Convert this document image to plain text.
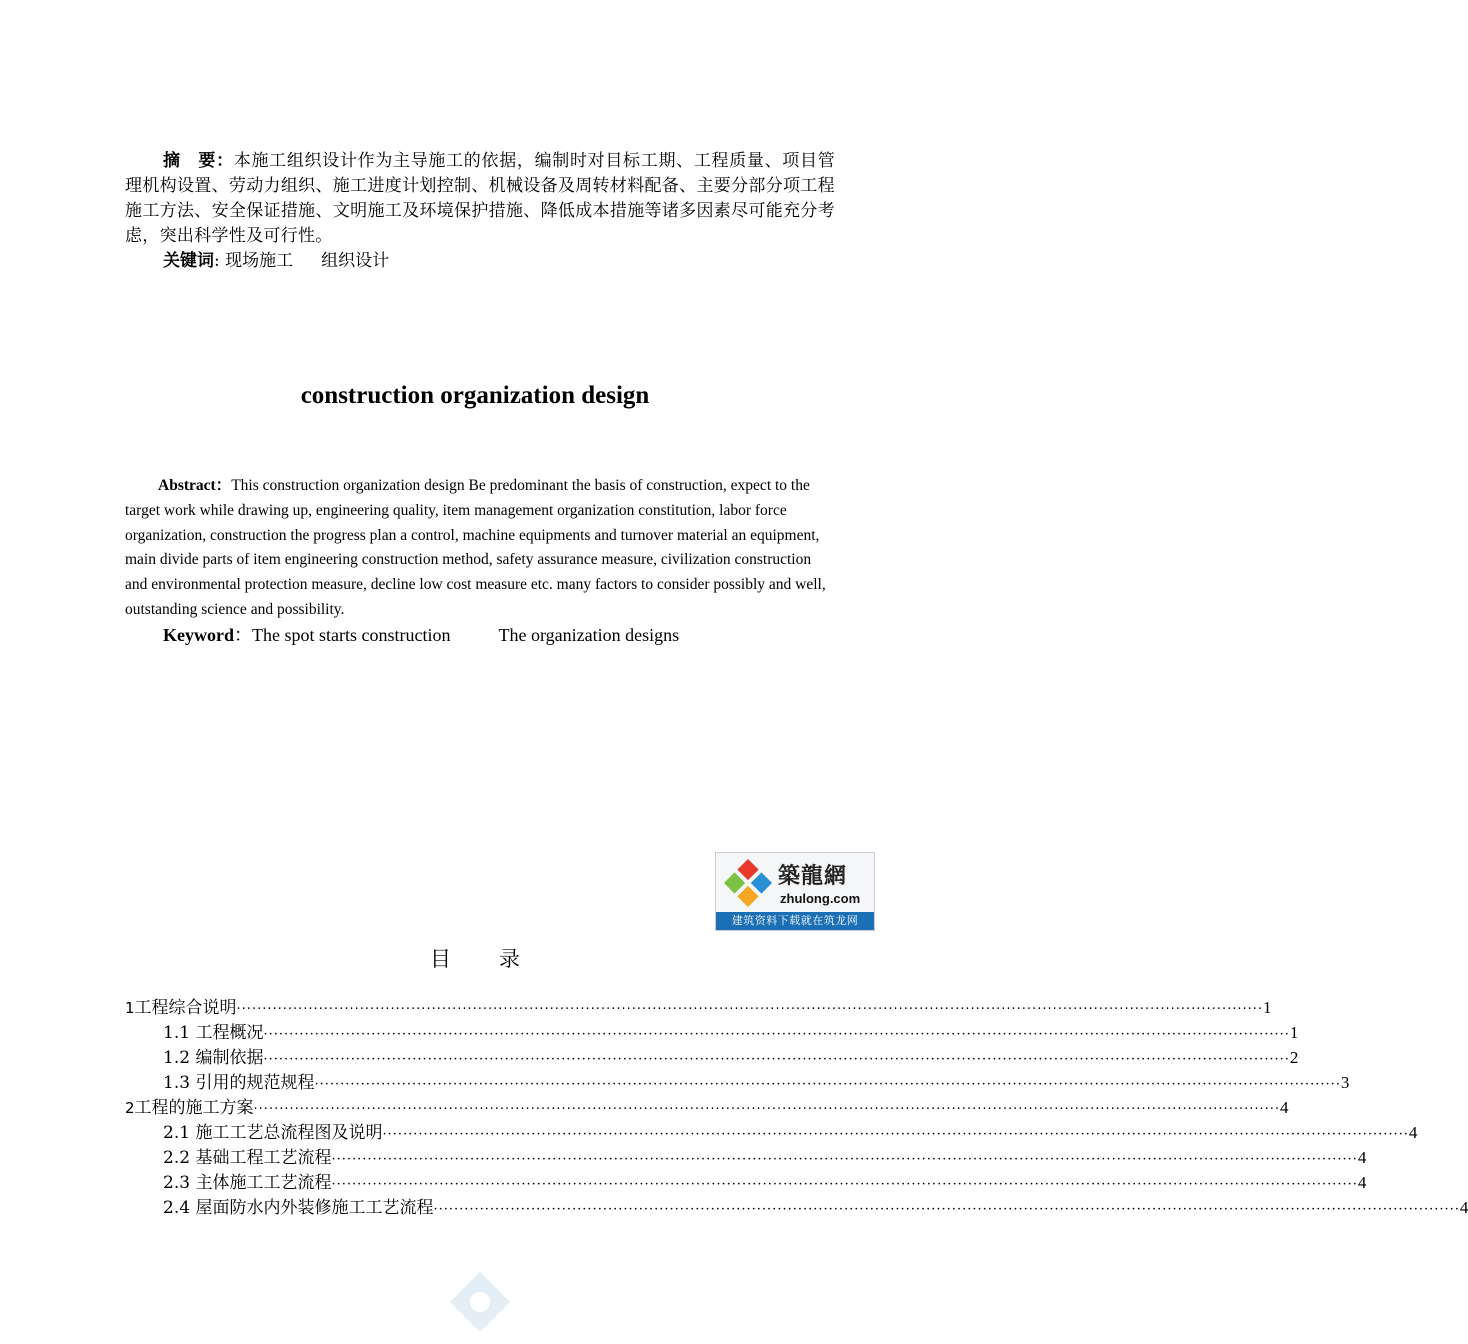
摘　要：本施工组织设计作为主导施工的依据，编制时对目标工期、工程质量、项目管理机构设置、劳动力组织、施工进度计划控制、机械设备及周转材料配备、主要分部分项工程施工方法、安全保证措施、文明施工及环境保护措施、降低成本措施等诸多因素尽可能充分考虑，突出科学性及可行性。
关键词: 现场施工 组织设计
construction organization design
Abstract：This construction organization design Be predominant the basis of construction, expect to the target work while drawing up, engineering quality, item management organization constitution, labor force organization, construction the progress plan a control, machine equipments and turnover material an equipment, main divide parts of item engineering construction method, safety assurance measure, civilization construction and environmental protection measure, decline low cost measure etc. many factors to consider possibly and well, outstanding science and possibility.
Keyword：The spot starts construction	The organization designs
築龍網
zhulong.com
建筑资料下载就在筑龙网
目录
1 工程综合说明 ········································································································································································································ 1
1.1 工程概况 ········································································································································································································ 1
1.2 编制依据 ········································································································································································································ 2
1.3 引用的规范规程 ········································································································································································································ 3
2 工程的施工方案 ········································································································································································································ 4
2.1 施工工艺总流程图及说明 ········································································································································································································ 4
2.2 基础工程工艺流程 ········································································································································································································ 4
2.3 主体施工工艺流程 ········································································································································································································ 4
2.4 屋面防水内外装修施工工艺流程 ········································································································································································································ 4
